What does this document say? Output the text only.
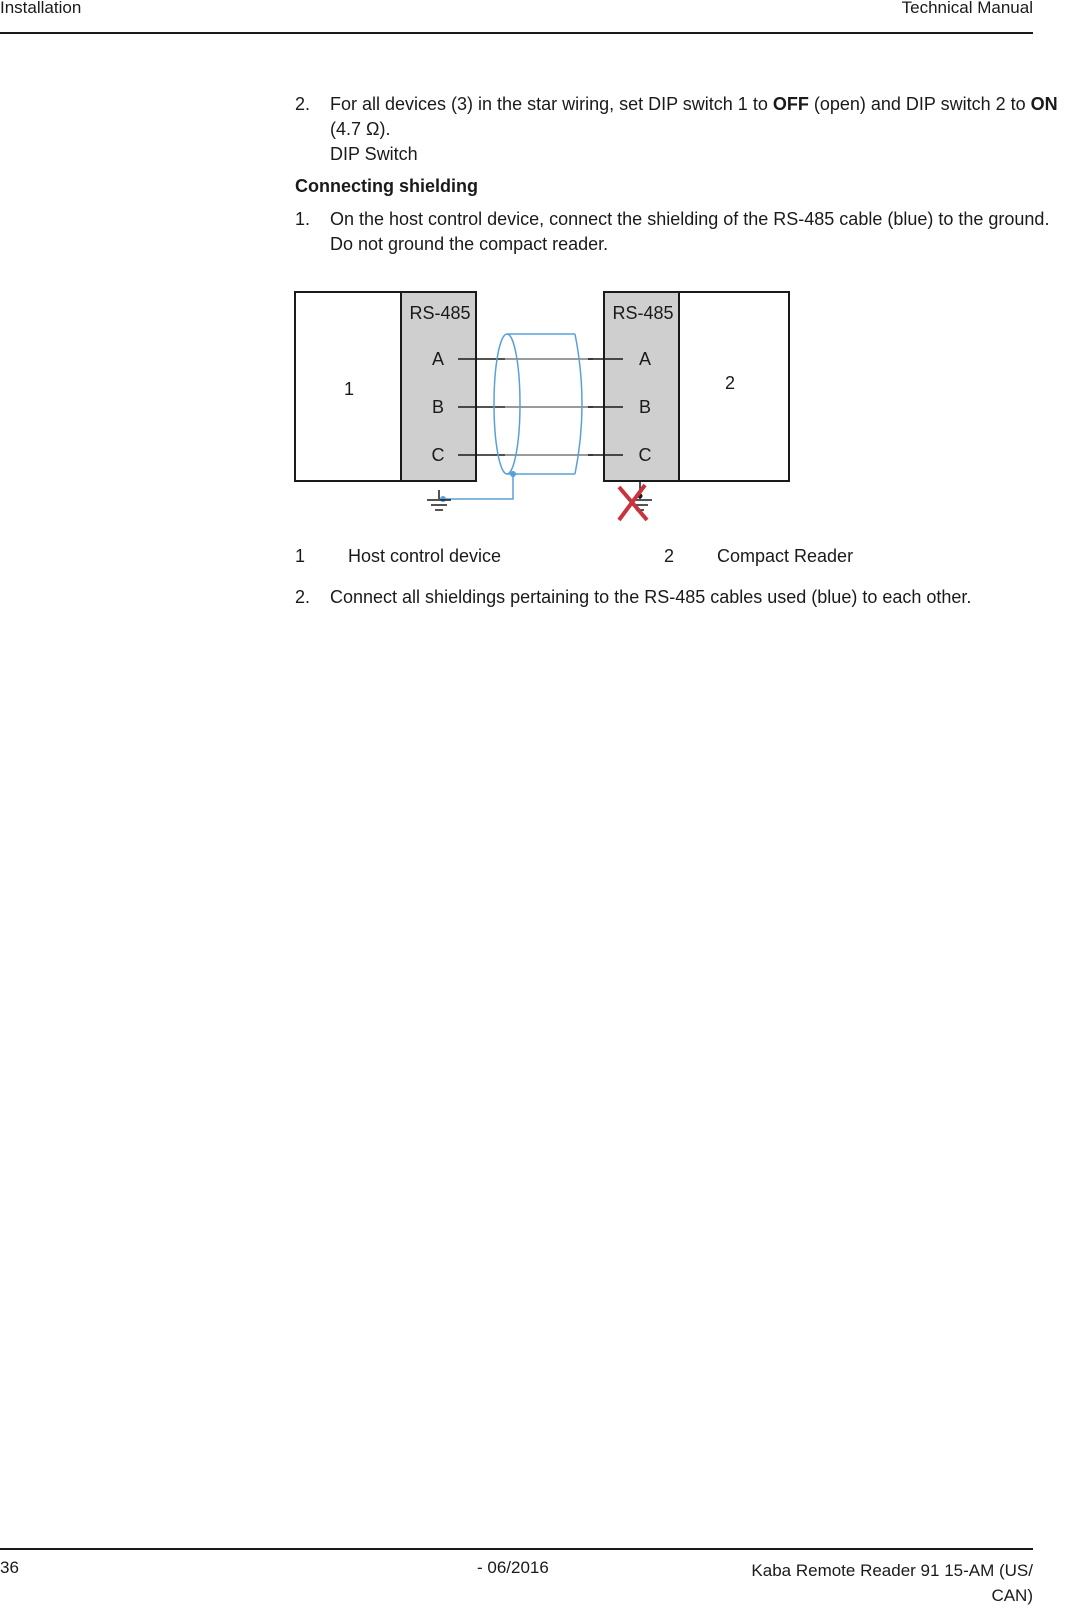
Installation	Technical Manual
2. For all devices (3) in the star wiring, set DIP switch 1 to OFF (open) and DIP switch 2 to ON (4.7 Ω).
DIP Switch
Connecting shielding
1. On the host control device, connect the shielding of the RS-485 cable (blue) to the ground.
Do not ground the compact reader.
1
RS-485
A
B
C
2
RS-485
A
B
C
1 Host control device	2 Compact Reader
2. Connect all shieldings pertaining to the RS-485 cables used (blue) to each other.
36	- 06/2016	Kaba Remote Reader 91 15-AM (US/
CAN)
